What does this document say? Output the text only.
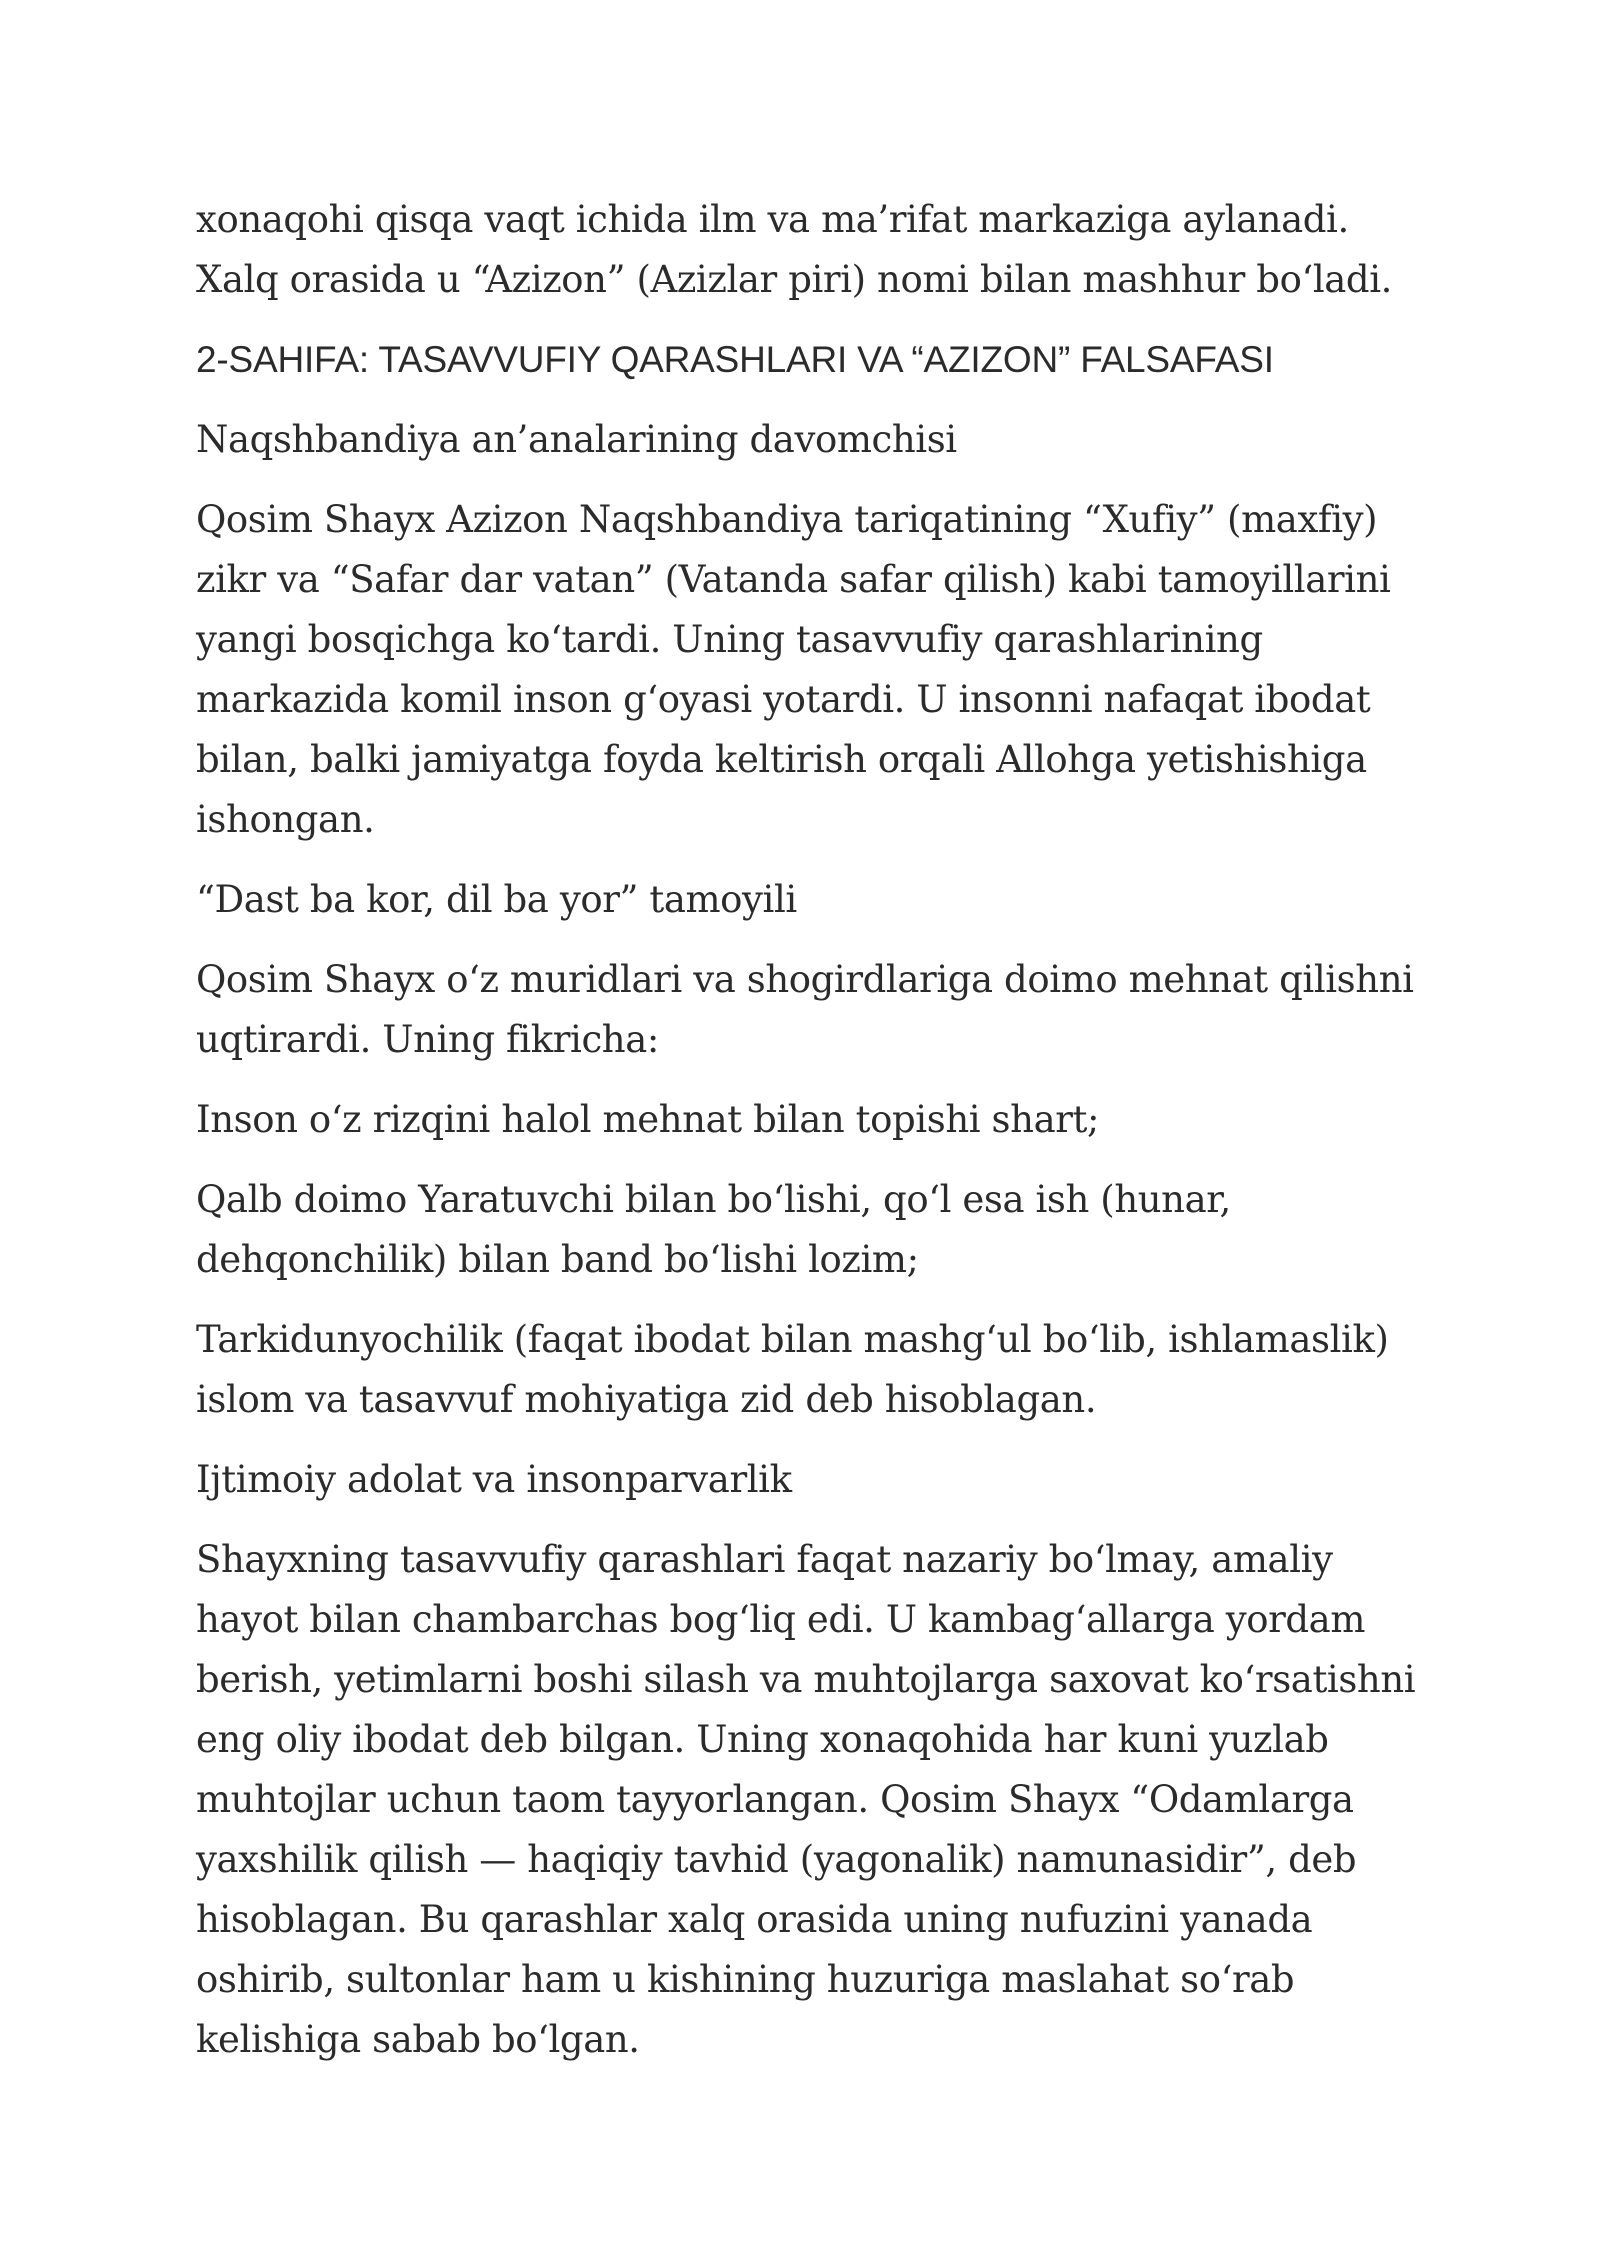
xonaqohi qisqa vaqt ichida ilm va ma’rifat markaziga aylanadi. Xalq orasida u “Azizon” (Azizlar piri) nomi bilan mashhur bo‘ladi.

2-SAHIFA: TASAVVUFIY QARASHLARI VA “AZIZON” FALSAFASI

Naqshbandiya an’analarining davomchisi

Qosim Shayx Azizon Naqshbandiya tariqatining “Xufiy” (maxfiy) zikr va “Safar dar vatan” (Vatanda safar qilish) kabi tamoyillarini yangi bosqichga ko‘tardi. Uning tasavvufiy qarashlarining markazida komil inson g‘oyasi yotardi. U insonni nafaqat ibodat bilan, balki jamiyatga foyda keltirish orqali Allohga yetishishiga ishongan.

“Dast ba kor, dil ba yor” tamoyili

Qosim Shayx o‘z muridlari va shogirdlariga doimo mehnat qilishni uqtirardi. Uning fikricha:

Inson o‘z rizqini halol mehnat bilan topishi shart;

Qalb doimo Yaratuvchi bilan bo‘lishi, qo‘l esa ish (hunar, dehqonchilik) bilan band bo‘lishi lozim;

Tarkidunyochilik (faqat ibodat bilan mashg‘ul bo‘lib, ishlamaslik) islom va tasavvuf mohiyatiga zid deb hisoblagan.

Ijtimoiy adolat va insonparvarlik

Shayxning tasavvufiy qarashlari faqat nazariy bo‘lmay, amaliy hayot bilan chambarchas bog‘liq edi. U kambag‘allarga yordam berish, yetimlarni boshi silash va muhtojlarga saxovat ko‘rsatishni eng oliy ibodat deb bilgan. Uning xonaqohida har kuni yuzlab muhtojlar uchun taom tayyorlangan. Qosim Shayx “Odamlarga yaxshilik qilish — haqiqiy tavhid (yagonalik) namunasidir”, deb hisoblagan. Bu qarashlar xalq orasida uning nufuzini yanada oshirib, sultonlar ham u kishining huzuriga maslahat so‘rab kelishiga sabab bo‘lgan.
